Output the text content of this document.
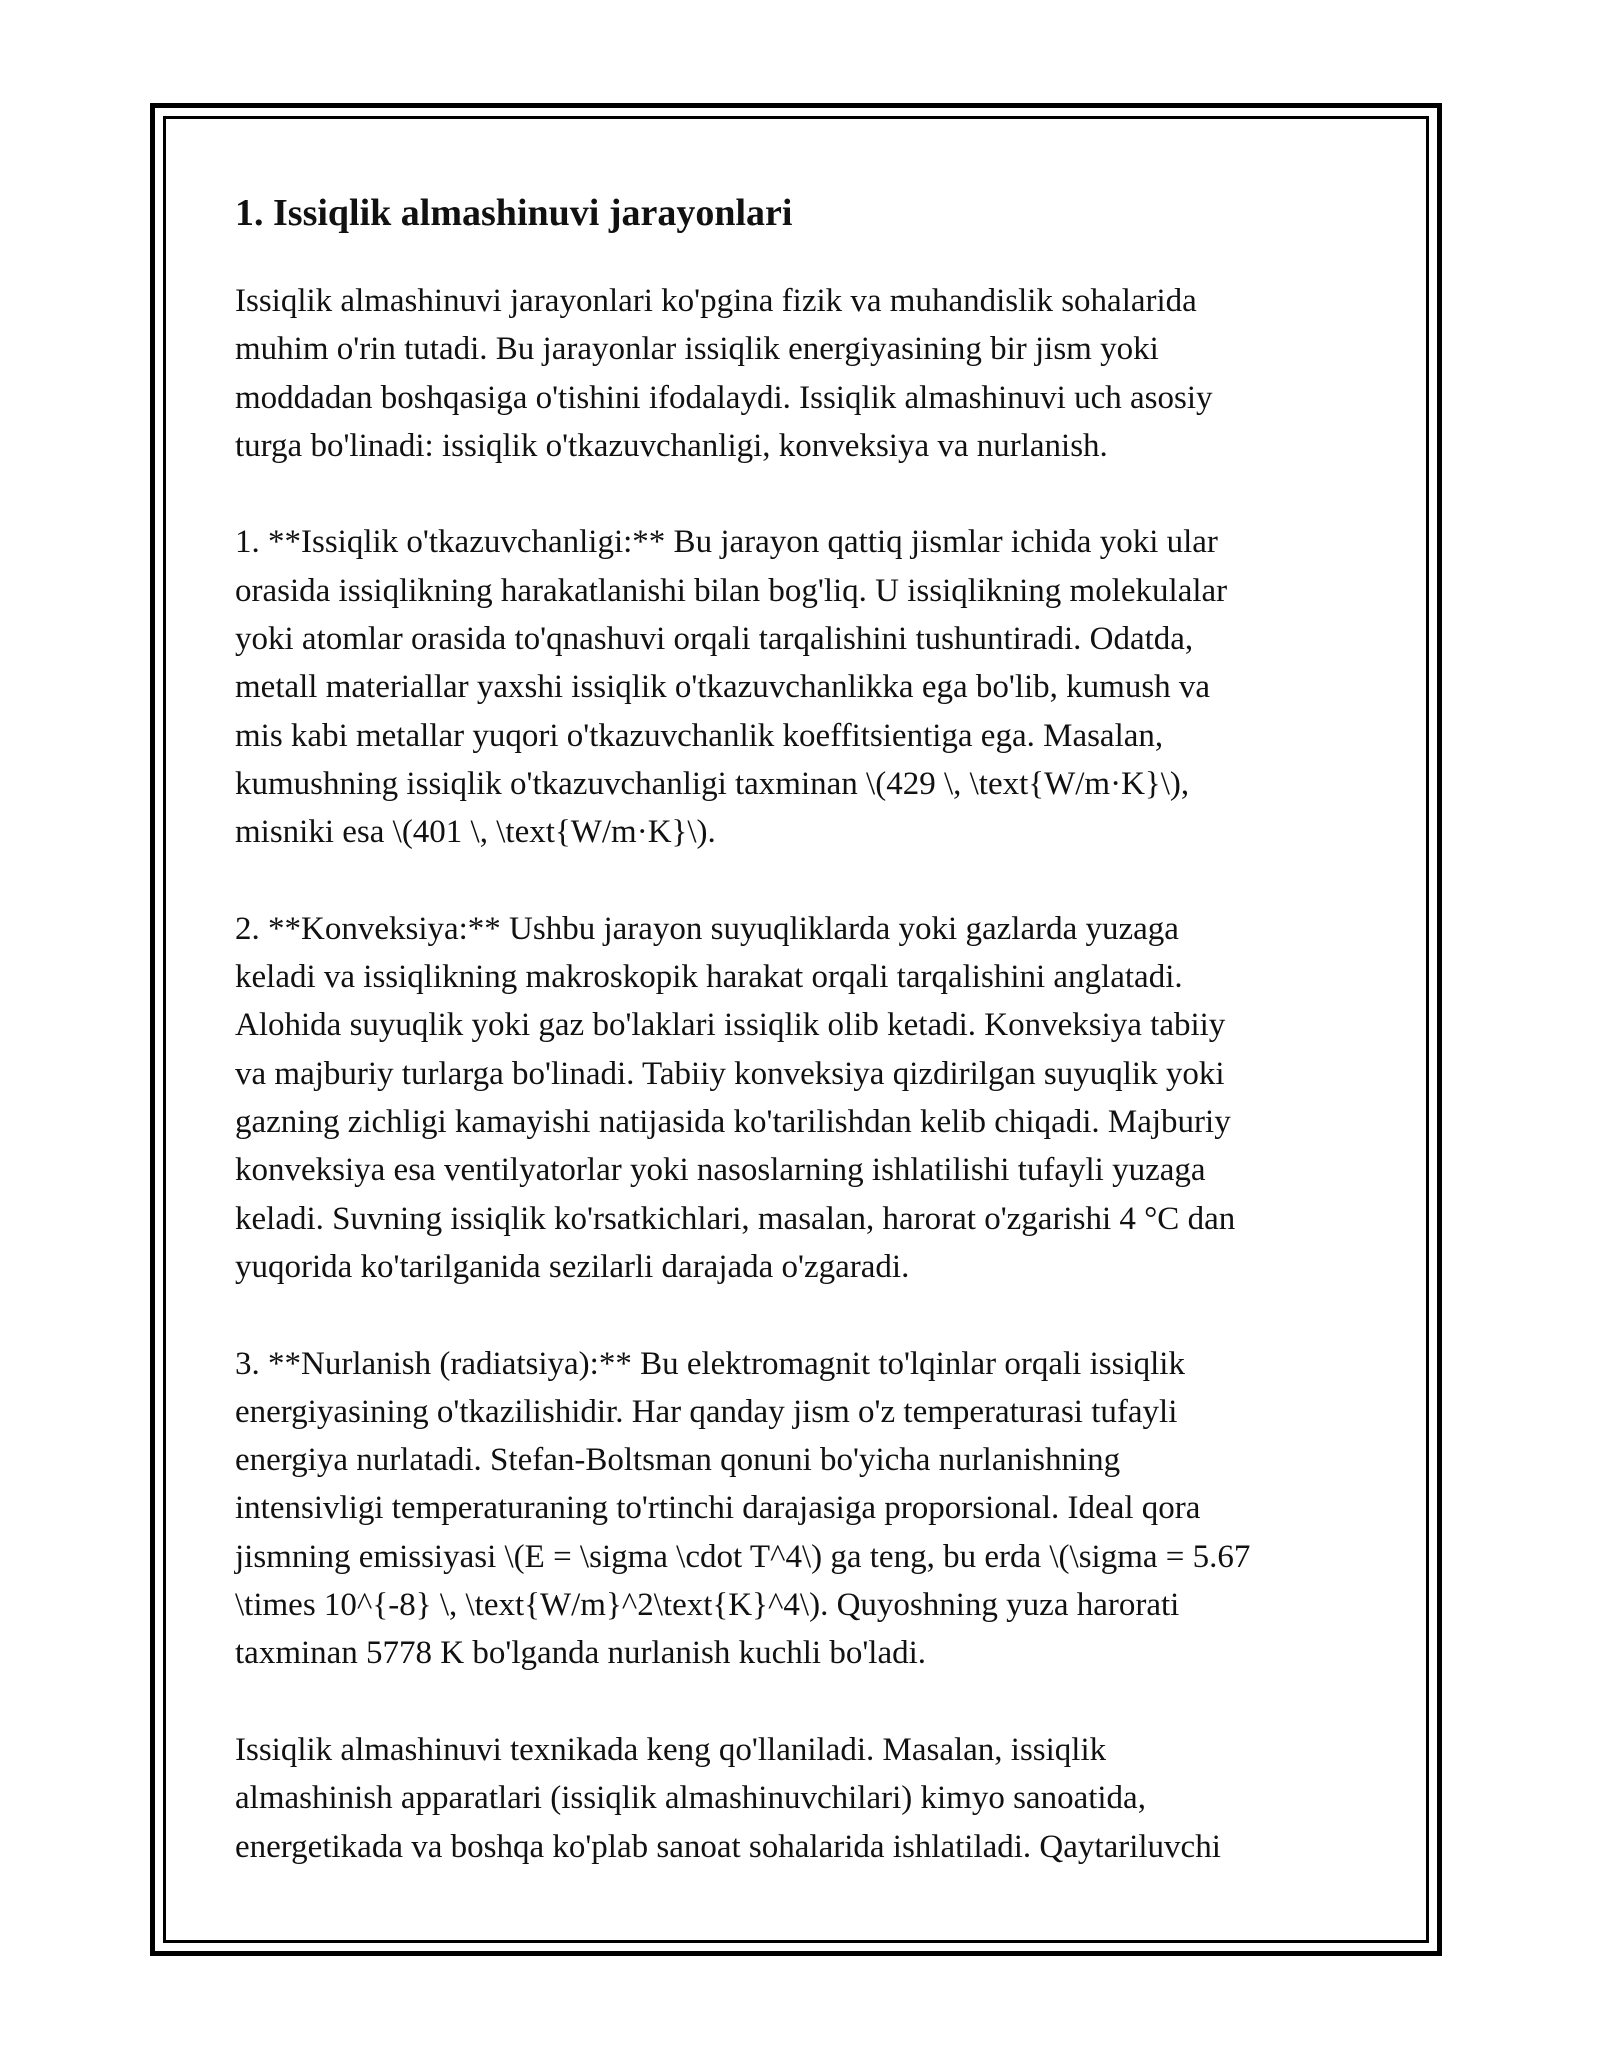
1. Issiqlik almashinuvi jarayonlari

Issiqlik almashinuvi jarayonlari ko'pgina fizik va muhandislik sohalarida
muhim o'rin tutadi. Bu jarayonlar issiqlik energiyasining bir jism yoki
moddadan boshqasiga o'tishini ifodalaydi. Issiqlik almashinuvi uch asosiy
turga bo'linadi: issiqlik o'tkazuvchanligi, konveksiya va nurlanish.

1. **Issiqlik o'tkazuvchanligi:** Bu jarayon qattiq jismlar ichida yoki ular
orasida issiqlikning harakatlanishi bilan bog'liq. U issiqlikning molekulalar
yoki atomlar orasida to'qnashuvi orqali tarqalishini tushuntiradi. Odatda,
metall materiallar yaxshi issiqlik o'tkazuvchanlikka ega bo'lib, kumush va
mis kabi metallar yuqori o'tkazuvchanlik koeffitsientiga ega. Masalan,
kumushning issiqlik o'tkazuvchanligi taxminan \(429 \, \text{W/m·K}\),
misniki esa \(401 \, \text{W/m·K}\).

2. **Konveksiya:** Ushbu jarayon suyuqliklarda yoki gazlarda yuzaga
keladi va issiqlikning makroskopik harakat orqali tarqalishini anglatadi.
Alohida suyuqlik yoki gaz bo'laklari issiqlik olib ketadi. Konveksiya tabiiy
va majburiy turlarga bo'linadi. Tabiiy konveksiya qizdirilgan suyuqlik yoki
gazning zichligi kamayishi natijasida ko'tarilishdan kelib chiqadi. Majburiy
konveksiya esa ventilyatorlar yoki nasoslarning ishlatilishi tufayli yuzaga
keladi. Suvning issiqlik ko'rsatkichlari, masalan, harorat o'zgarishi 4 °C dan
yuqorida ko'tarilganida sezilarli darajada o'zgaradi.

3. **Nurlanish (radiatsiya):** Bu elektromagnit to'lqinlar orqali issiqlik
energiyasining o'tkazilishidir. Har qanday jism o'z temperaturasi tufayli
energiya nurlatadi. Stefan-Boltsman qonuni bo'yicha nurlanishning
intensivligi temperaturaning to'rtinchi darajasiga proporsional. Ideal qora
jismning emissiyasi \(E = \sigma \cdot T^4\) ga teng, bu erda \(\sigma = 5.67
\times 10^{-8} \, \text{W/m}^2\text{K}^4\). Quyoshning yuza harorati
taxminan 5778 K bo'lganda nurlanish kuchli bo'ladi.

Issiqlik almashinuvi texnikada keng qo'llaniladi. Masalan, issiqlik
almashinish apparatlari (issiqlik almashinuvchilari) kimyo sanoatida,
energetikada va boshqa ko'plab sanoat sohalarida ishlatiladi. Qaytariluvchi
